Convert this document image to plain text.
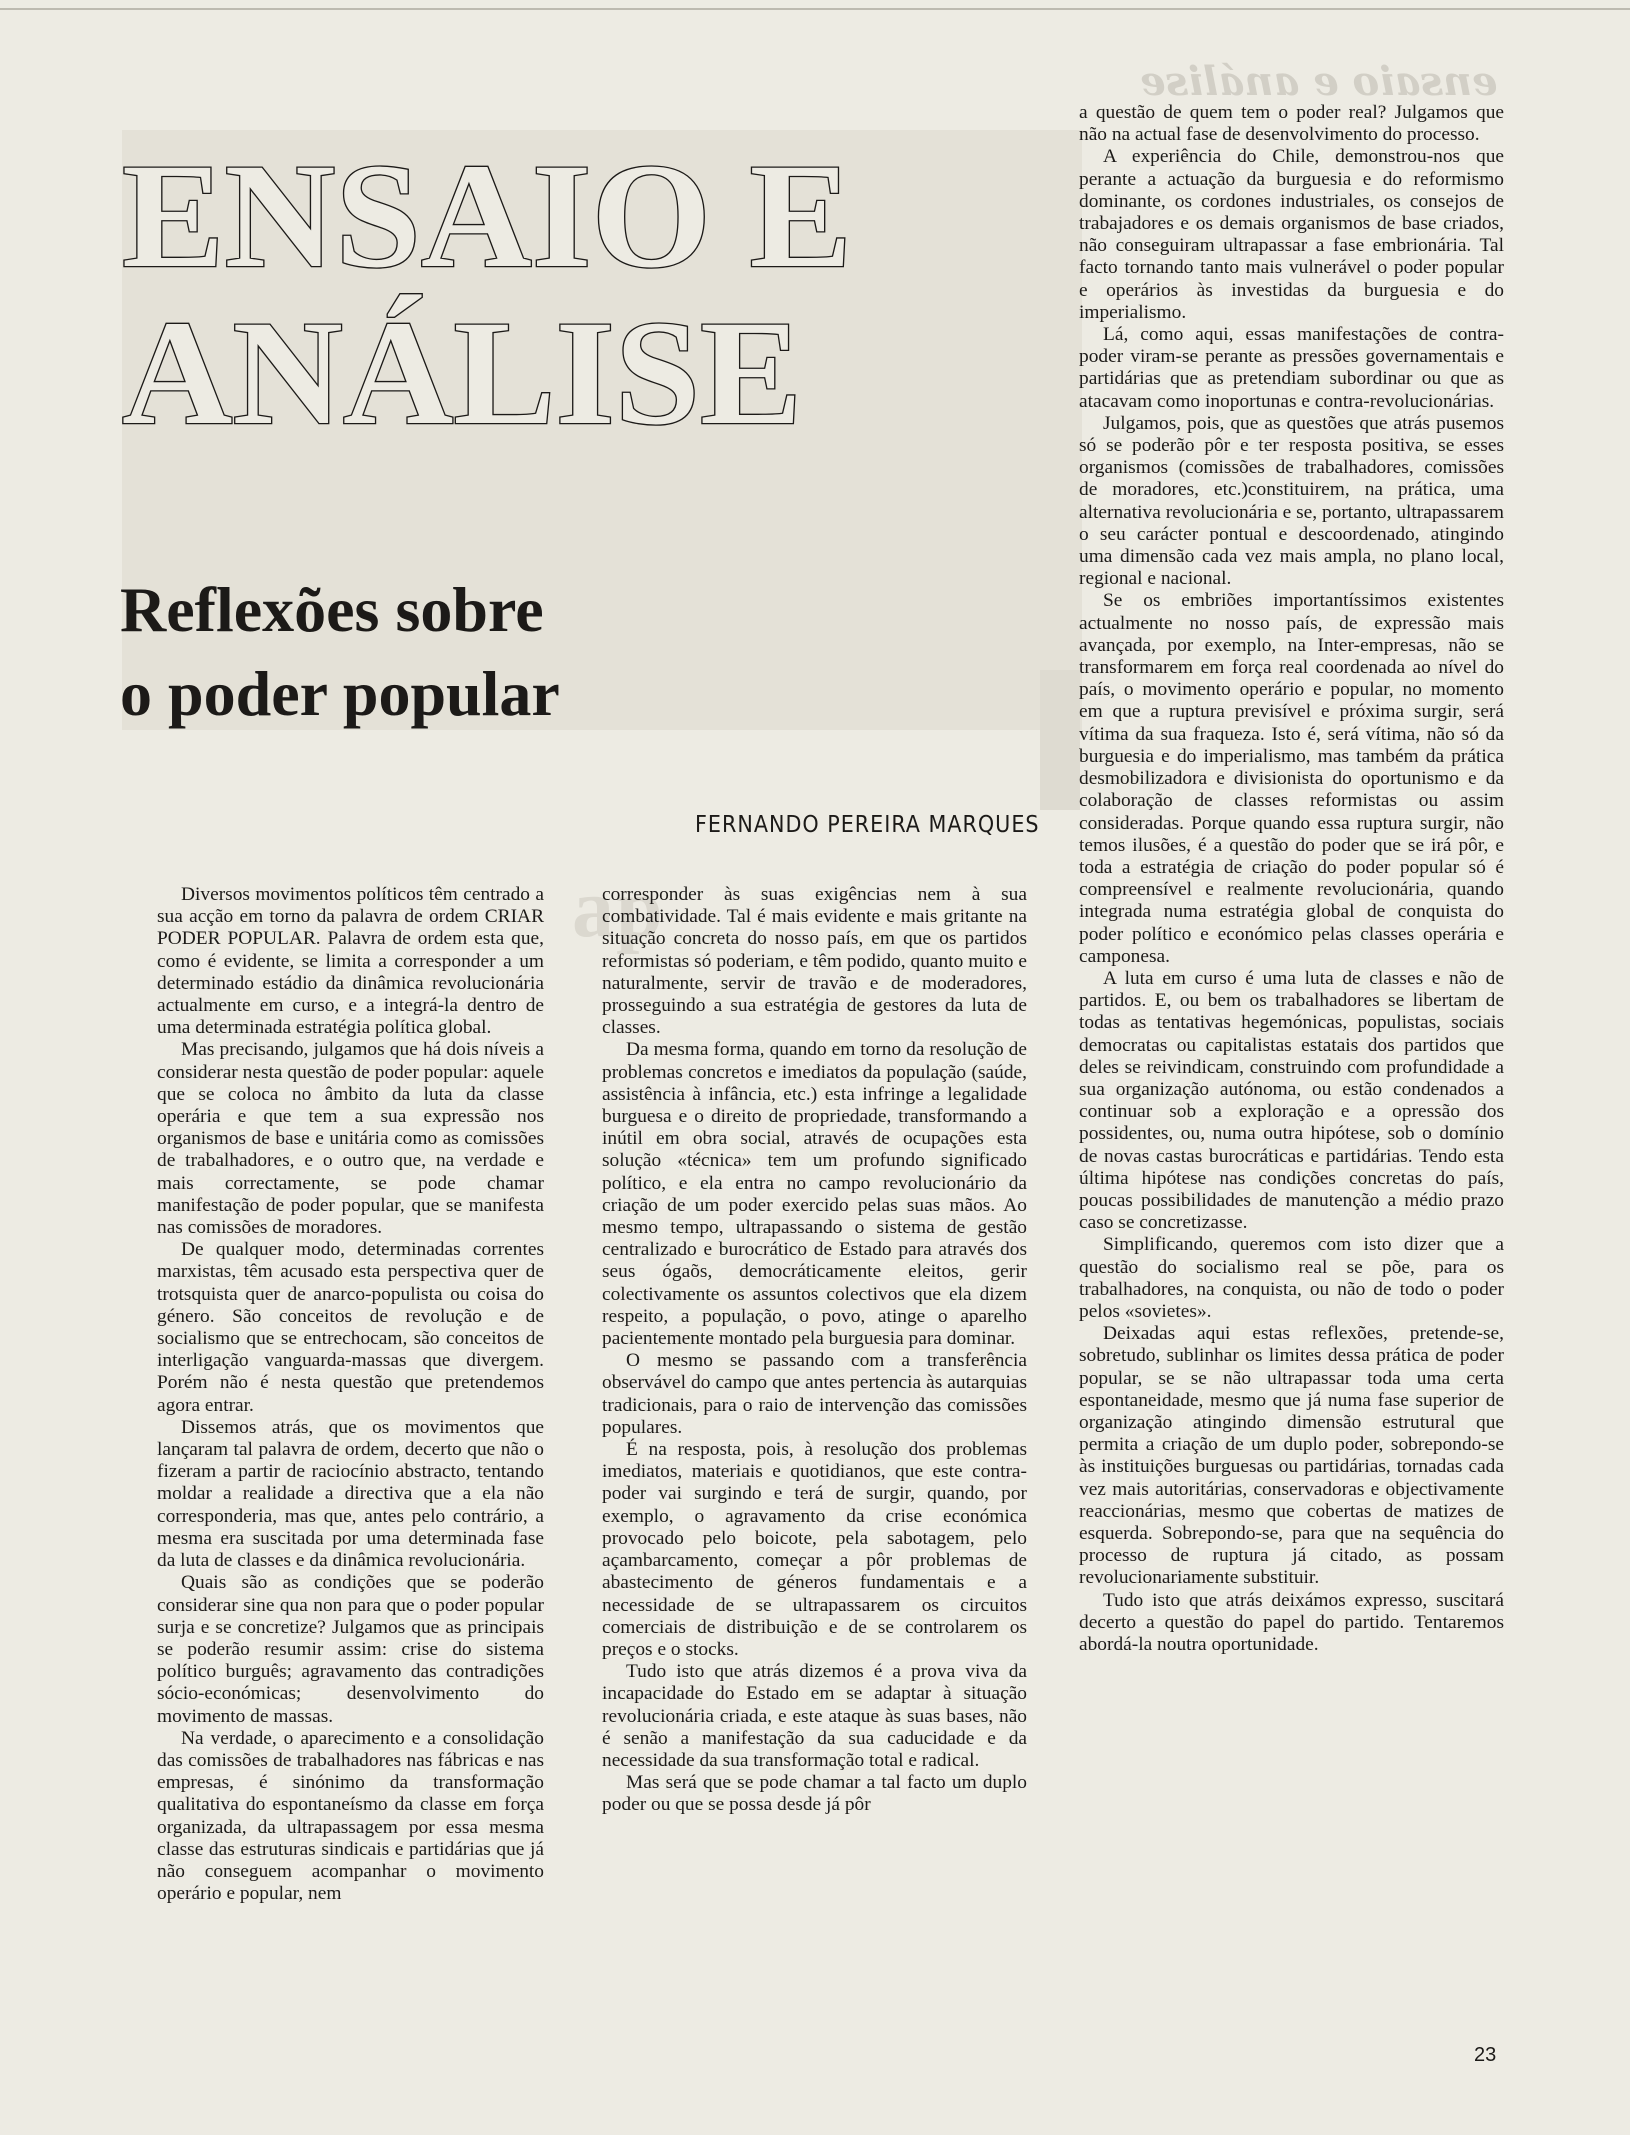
ensaio e análise
ap
ENSAIO E
ANÁLISE
Reflexões sobre
o poder popular
FERNANDO PEREIRA MARQUES

Diversos movimentos políticos têm centrado a sua acção em torno da palavra de ordem CRIAR PODER POPULAR. Palavra de ordem esta que, como é evidente, se limita a corresponder a um determinado estádio da dinâmica revolucionária actualmente em curso, e a integrá-la dentro de uma determinada estratégia política global.

Mas precisando, julgamos que há dois níveis a considerar nesta questão de poder popular: aquele que se coloca no âmbito da luta da classe operária e que tem a sua expressão nos organismos de base e unitária como as comissões de trabalhadores, e o outro que, na verdade e mais correctamente, se pode chamar manifestação de poder popular, que se manifesta nas comissões de moradores.

De qualquer modo, determinadas correntes marxistas, têm acusado esta perspectiva quer de trotsquista quer de anarco-populista ou coisa do género. São conceitos de revolução e de socialismo que se entrechocam, são conceitos de interligação vanguarda-massas que divergem. Porém não é nesta questão que pretendemos agora entrar.

Dissemos atrás, que os movimentos que lançaram tal palavra de ordem, decerto que não o fizeram a partir de raciocínio abstracto, tentando moldar a realidade a directiva que a ela não corresponderia, mas que, antes pelo contrário, a mesma era suscitada por uma determinada fase da luta de classes e da dinâmica revolucionária.

Quais são as condições que se poderão considerar sine qua non para que o poder popular surja e se concretize? Julgamos que as principais se poderão resumir assim: crise do sistema político burguês; agravamento das contradições sócio-económicas; desenvolvimento do movimento de massas.

Na verdade, o aparecimento e a consolidação das comissões de trabalhadores nas fábricas e nas empresas, é sinónimo da transformação qualitativa do espontaneísmo da classe em força organizada, da ultrapassagem por essa mesma classe das estruturas sindicais e partidárias que já não conseguem acompanhar o movimento operário e popular, nem

corresponder às suas exigências nem à sua combatividade. Tal é mais evidente e mais gritante na situação concreta do nosso país, em que os partidos reformistas só poderiam, e têm podido, quanto muito e naturalmente, servir de travão e de moderadores, prosseguindo a sua estratégia de gestores da luta de classes.

Da mesma forma, quando em torno da resolução de problemas concretos e imediatos da população (saúde, assistência à infância, etc.) esta infringe a legalidade burguesa e o direito de propriedade, transformando a inútil em obra social, através de ocupações esta solução «técnica» tem um profundo significado político, e ela entra no campo revolucionário da criação de um poder exercido pelas suas mãos. Ao mesmo tempo, ultrapassando o sistema de gestão centralizado e burocrático de Estado para através dos seus ógaõs, democráticamente eleitos, gerir colectivamente os assuntos colectivos que ela dizem respeito, a população, o povo, atinge o aparelho pacientemente montado pela burguesia para dominar.

O mesmo se passando com a transferência observável do campo que antes pertencia às autarquias tradicionais, para o raio de intervenção das comissões populares.

É na resposta, pois, à resolução dos problemas imediatos, materiais e quotidianos, que este contra-poder vai surgindo e terá de surgir, quando, por exemplo, o agravamento da crise económica provocado pelo boicote, pela sabotagem, pelo açambarcamento, começar a pôr problemas de abastecimento de géneros fundamentais e a necessidade de se ultrapassarem os circuitos comerciais de distribuição e de se controlarem os preços e o stocks.

Tudo isto que atrás dizemos é a prova viva da incapacidade do Estado em se adaptar à situação revolucionária criada, e este ataque às suas bases, não é senão a manifestação da sua caducidade e da necessidade da sua transformação total e radical.

Mas será que se pode chamar a tal facto um duplo poder ou que se possa desde já pôr

a questão de quem tem o poder real? Julgamos que não na actual fase de desenvolvimento do processo.

A experiência do Chile, demonstrou-nos que perante a actuação da burguesia e do reformismo dominante, os cordones industriales, os consejos de trabajadores e os demais organismos de base criados, não conseguiram ultrapassar a fase embrionária. Tal facto tornando tanto mais vulnerável o poder popular e operários às investidas da burguesia e do imperialismo.

Lá, como aqui, essas manifestações de contra-poder viram-se perante as pressões governamentais e partidárias que as pretendiam subordinar ou que as atacavam como inoportunas e contra-revolucionárias.

Julgamos, pois, que as questões que atrás pusemos só se poderão pôr e ter resposta positiva, se esses organismos (comissões de trabalhadores, comissões de moradores, etc.)constituirem, na prática, uma alternativa revolucionária e se, portanto, ultrapassarem o seu carácter pontual e descoordenado, atingindo uma dimensão cada vez mais ampla, no plano local, regional e nacional.

Se os embriões importantíssimos existentes actualmente no nosso país, de expressão mais avançada, por exemplo, na Inter-empresas, não se transformarem em força real coordenada ao nível do país, o movimento operário e popular, no momento em que a ruptura previsível e próxima surgir, será vítima da sua fraqueza. Isto é, será vítima, não só da burguesia e do imperialismo, mas também da prática desmobilizadora e divisionista do oportunismo e da colaboração de classes reformistas ou assim consideradas. Porque quando essa ruptura surgir, não temos ilusões, é a questão do poder que se irá pôr, e toda a estratégia de criação do poder popular só é compreensível e realmente revolucionária, quando integrada numa estratégia global de conquista do poder político e económico pelas classes operária e camponesa.

A luta em curso é uma luta de classes e não de partidos. E, ou bem os trabalhadores se libertam de todas as tentativas hegemónicas, populistas, sociais democratas ou capitalistas estatais dos partidos que deles se reivindicam, construindo com profundidade a sua organização autónoma, ou estão condenados a continuar sob a exploração e a opressão dos possidentes, ou, numa outra hipótese, sob o domínio de novas castas burocráticas e partidárias. Tendo esta última hipótese nas condições concretas do país, poucas possibilidades de manutenção a médio prazo caso se concretizasse.

Simplificando, queremos com isto dizer que a questão do socialismo real se põe, para os trabalhadores, na conquista, ou não de todo o poder pelos «sovietes».

Deixadas aqui estas reflexões, pretende-se, sobretudo, sublinhar os limites dessa prática de poder popular, se se não ultrapassar toda uma certa espontaneidade, mesmo que já numa fase superior de organização atingindo dimensão estrutural que permita a criação de um duplo poder, sobrepondo-se às instituições burguesas ou partidárias, tornadas cada vez mais autoritárias, conservadoras e objectivamente reaccionárias, mesmo que cobertas de matizes de esquerda. Sobrepondo-se, para que na sequência do processo de ruptura já citado, as possam revolucionariamente substituir.

Tudo isto que atrás deixámos expresso, suscitará decerto a questão do papel do partido. Tentaremos abordá-la noutra oportunidade.

23
